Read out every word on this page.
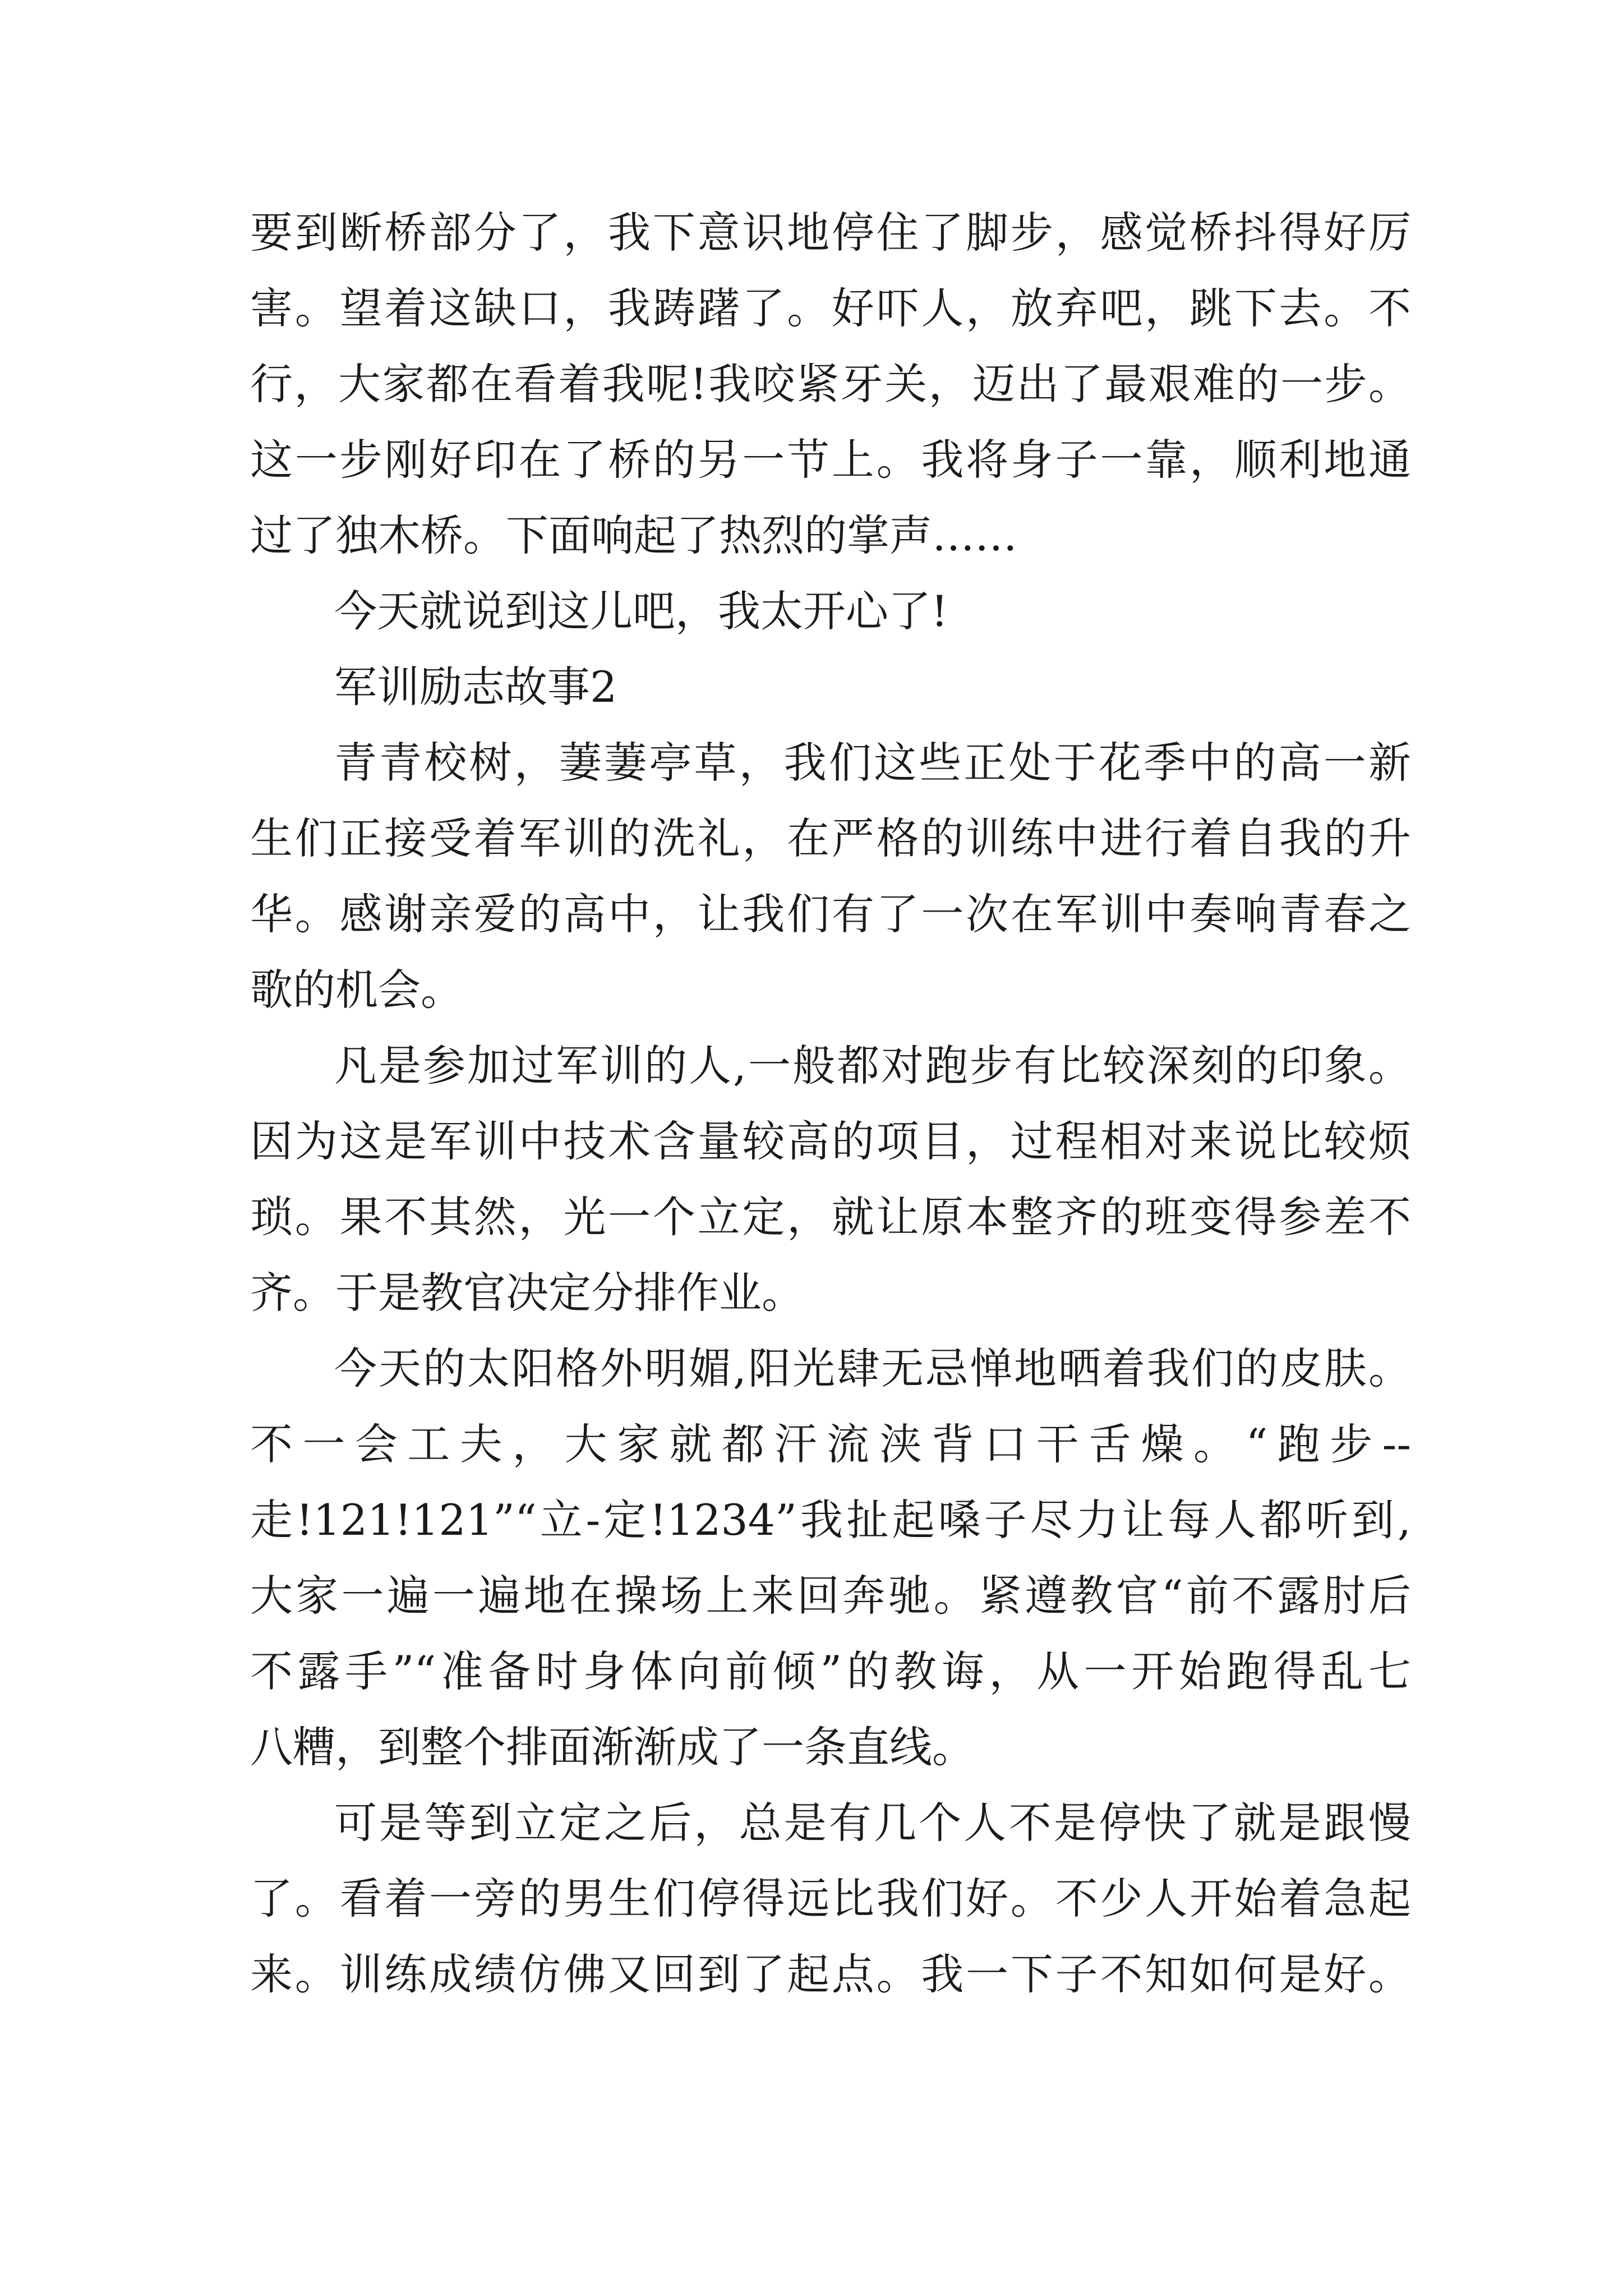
要到断桥部分了，我下意识地停住了脚步，感觉桥抖得好厉
害。望着这缺口，我踌躇了。好吓人，放弃吧，跳下去。不
行，大家都在看着我呢!我咬紧牙关，迈出了最艰难的一步。
这一步刚好印在了桥的另一节上。我将身子一靠，顺利地通
过了独木桥。下面响起了热烈的掌声……
今天就说到这儿吧，我太开心了!
军训励志故事2
青青校树，萋萋亭草，我们这些正处于花季中的高一新
生们正接受着军训的洗礼，在严格的训练中进行着自我的升
华。感谢亲爱的高中，让我们有了一次在军训中奏响青春之
歌的机会。
凡是参加过军训的人,一般都对跑步有比较深刻的印象。
因为这是军训中技术含量较高的项目，过程相对来说比较烦
琐。果不其然，光一个立定，就让原本整齐的班变得参差不
齐。于是教官决定分排作业。
今天的太阳格外明媚,阳光肆无忌惮地晒着我们的皮肤。
不一会工夫，大家就都汗流浃背口干舌燥。“跑步--
走!121!121”“立-定!1234”我扯起嗓子尽力让每人都听到,
大家一遍一遍地在操场上来回奔驰。紧遵教官“前不露肘后
不露手”“准备时身体向前倾”的教诲，从一开始跑得乱七
八糟，到整个排面渐渐成了一条直线。
可是等到立定之后，总是有几个人不是停快了就是跟慢
了。看着一旁的男生们停得远比我们好。不少人开始着急起
来。训练成绩仿佛又回到了起点。我一下子不知如何是好。
